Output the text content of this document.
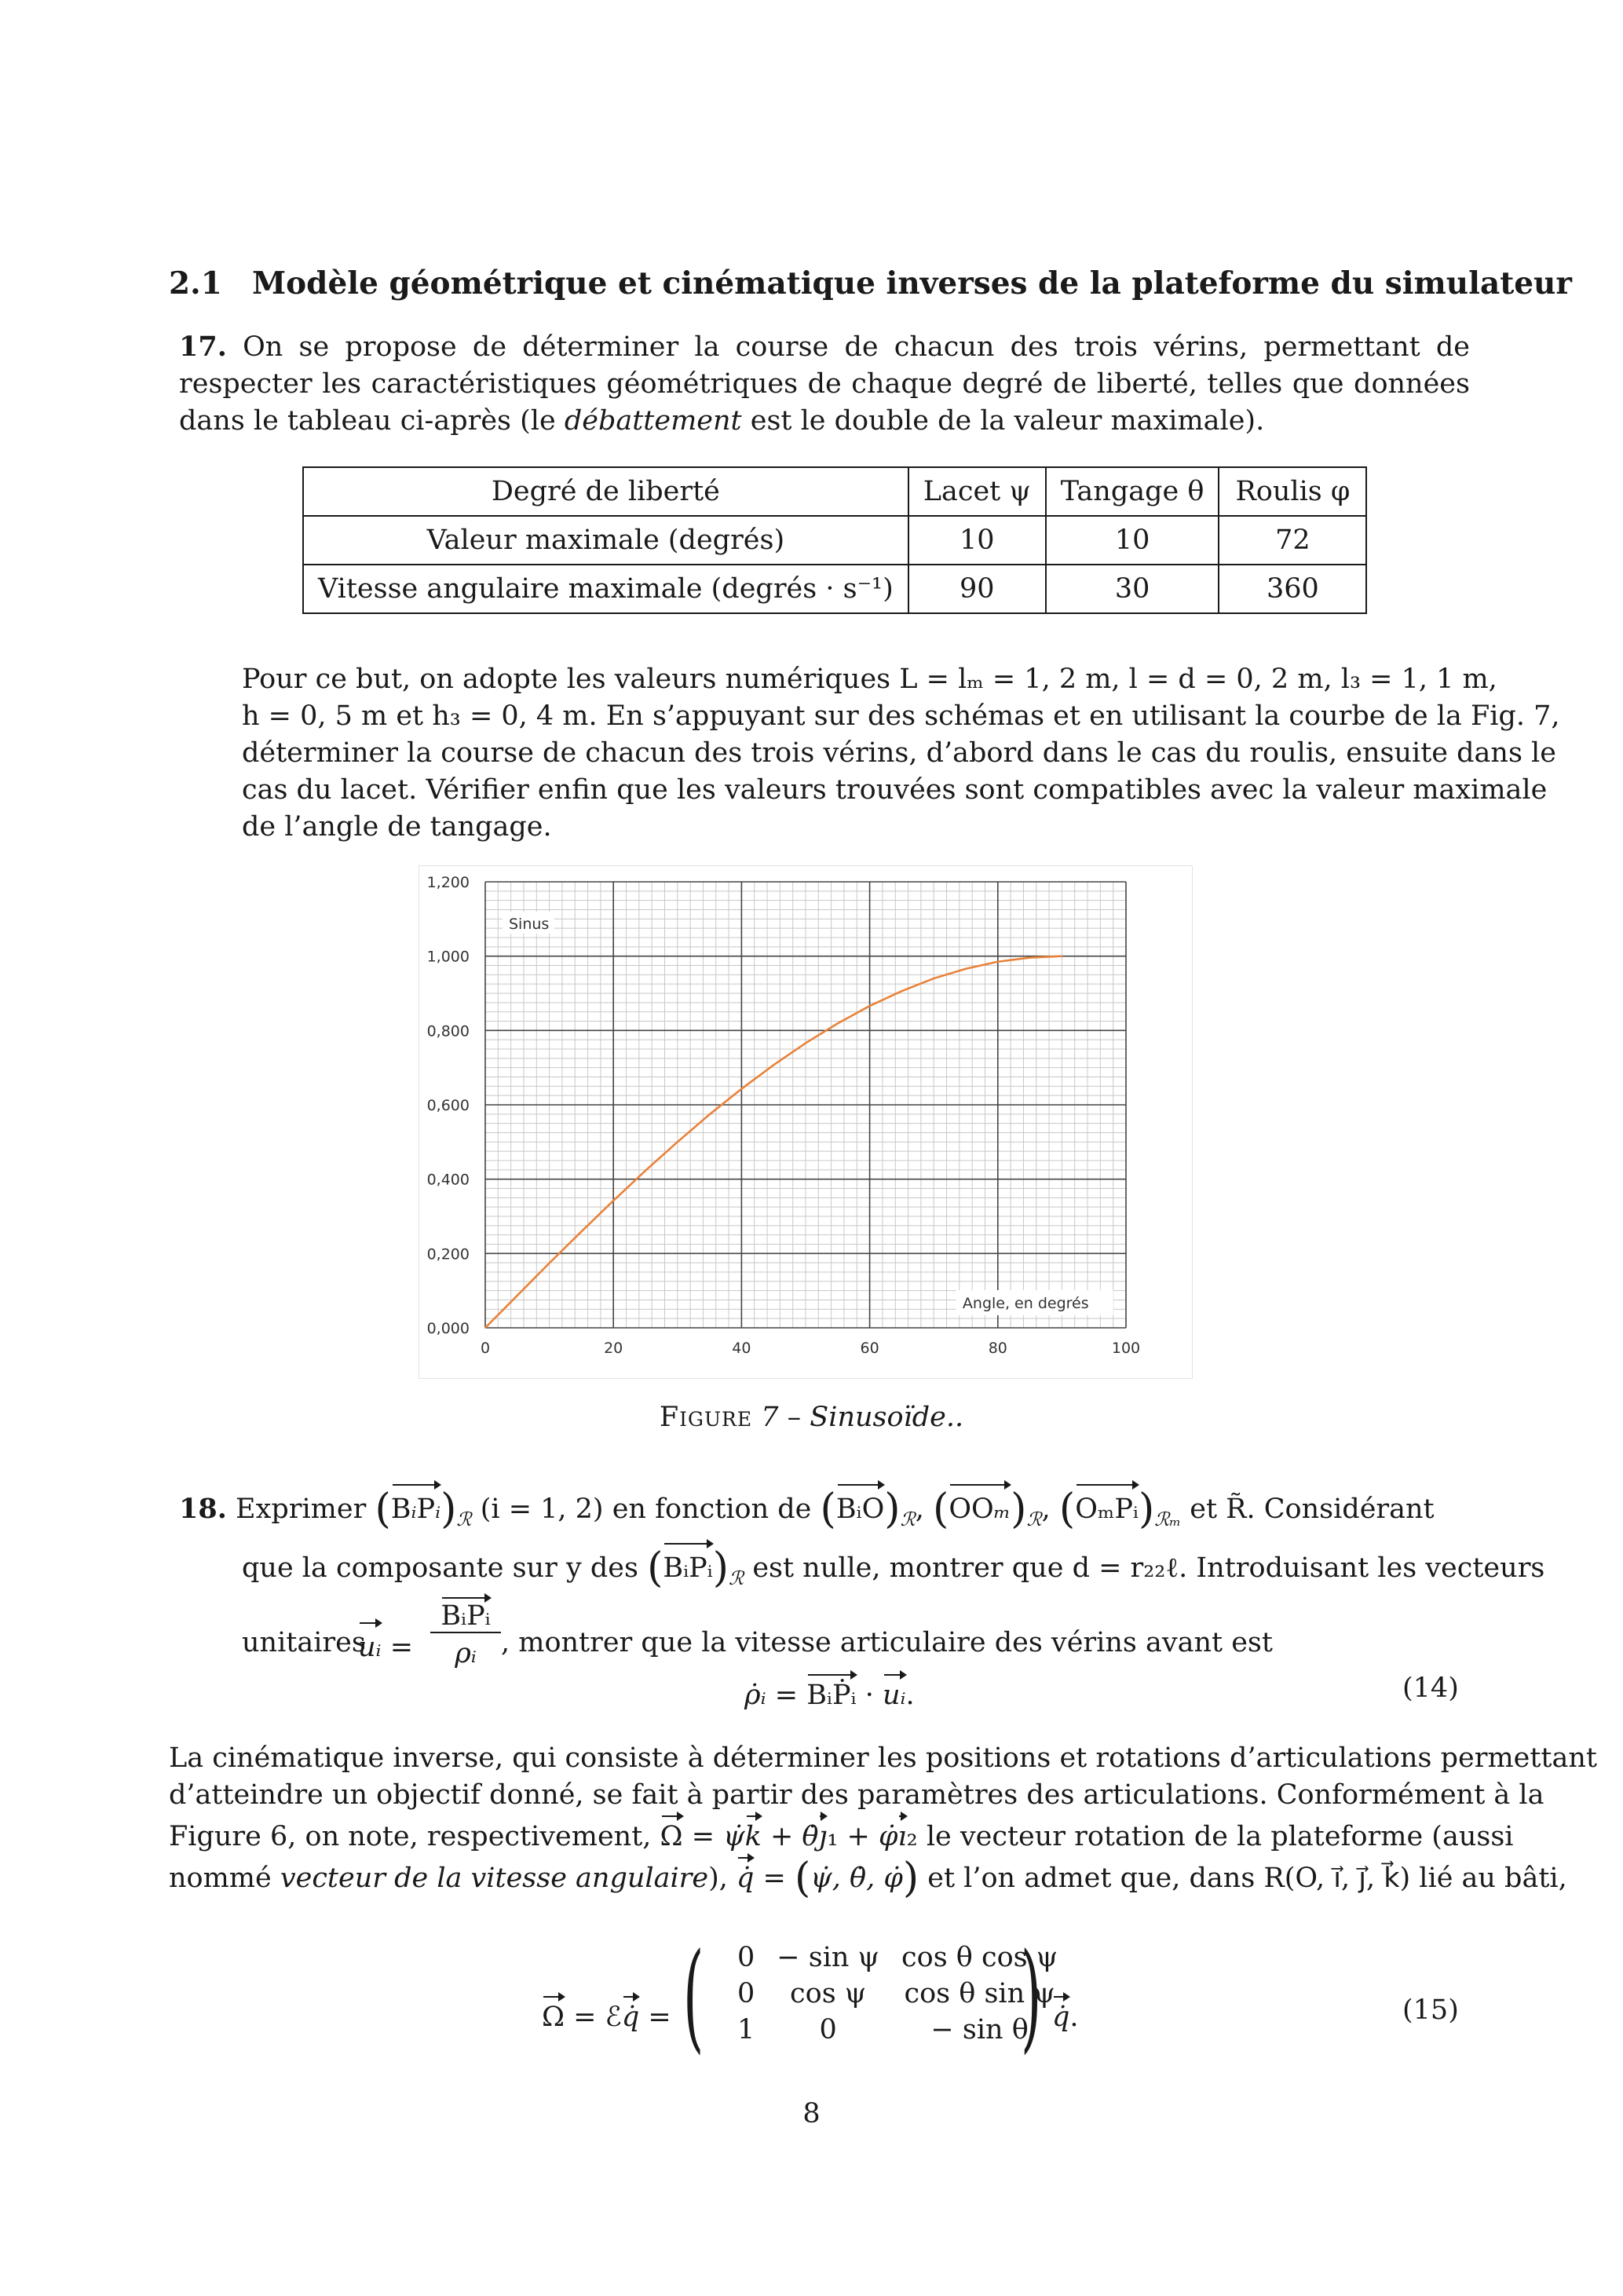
2.1 Modèle géométrique et cinématique inverses de la plateforme du simulateur
17. On se propose de déterminer la course de chacun des trois vérins, permettant de respecter les caractéristiques géométriques de chaque degré de liberté, telles que données dans le tableau ci-après (le débattement est le double de la valeur maximale).
Degré de liberté	Lacet ψ	Tangage θ	Roulis φ
Valeur maximale (degrés)	10	10	72
Vitesse angulaire maximale (degrés · s⁻¹)	90	30	360
Pour ce but, on adopte les valeurs numériques L = lₘ = 1, 2 m, l = d = 0, 2 m, l₃ = 1, 1 m,
h = 0, 5 m et h₃ = 0, 4 m. En s’appuyant sur des schémas et en utilisant la courbe de la Fig. 7,
déterminer la course de chacun des trois vérins, d’abord dans le cas du roulis, ensuite dans le
cas du lacet. Vérifier enfin que les valeurs trouvées sont compatibles avec la valeur maximale
de l’angle de tangage.
0	20	40	60	80	100
0,000
0,200
0,400
0,600
0,800
1,000
1,200
Sinus
Angle, en degrés
Figure 7 – Sinusoïde..
18. Exprimer $(BᵢPᵢ)_ℛ$ (i = 1, 2) en fonction de $(BᵢO)_ℛ$, $(OO_m)_ℛ$, $(O_mPᵢ)_{ℛ_m}$ et R̃. Considérant
que la composante sur y des $(BᵢPᵢ)_ℛ$ est nulle, montrer que d = r₂₂ℓ. Introduisant les vecteurs
unitaires
uᵢ =
BᵢPᵢ
ρᵢ , montrer que la vitesse articulaire des vérins avant est
ρ̇ᵢ = BᵢṖᵢ · uᵢ.	(14)
La cinématique inverse, qui consiste à déterminer les positions et rotations d’articulations permettant
d’atteindre un objectif donné, se fait à partir des paramètres des articulations. Conformément à la
Figure 6, on note, respectivement, Ω = ψ̇k + θ̇ȷ₁ + φ̇ı₂ le vecteur rotation de la plateforme (aussi
nommé vecteur de la vitesse angulaire), q̇ = (ψ̇, θ̇, φ̇) et l’on admet que, dans R(O, ı⃗, ȷ⃗, k⃗) lié au bâti,
Ω = ℰq̇ = ( 0	− sin ψ	cos θ cos ψ
0	cos ψ	cos θ sin ψ
1	0	− sin θ
) q̇.	(15)
8
